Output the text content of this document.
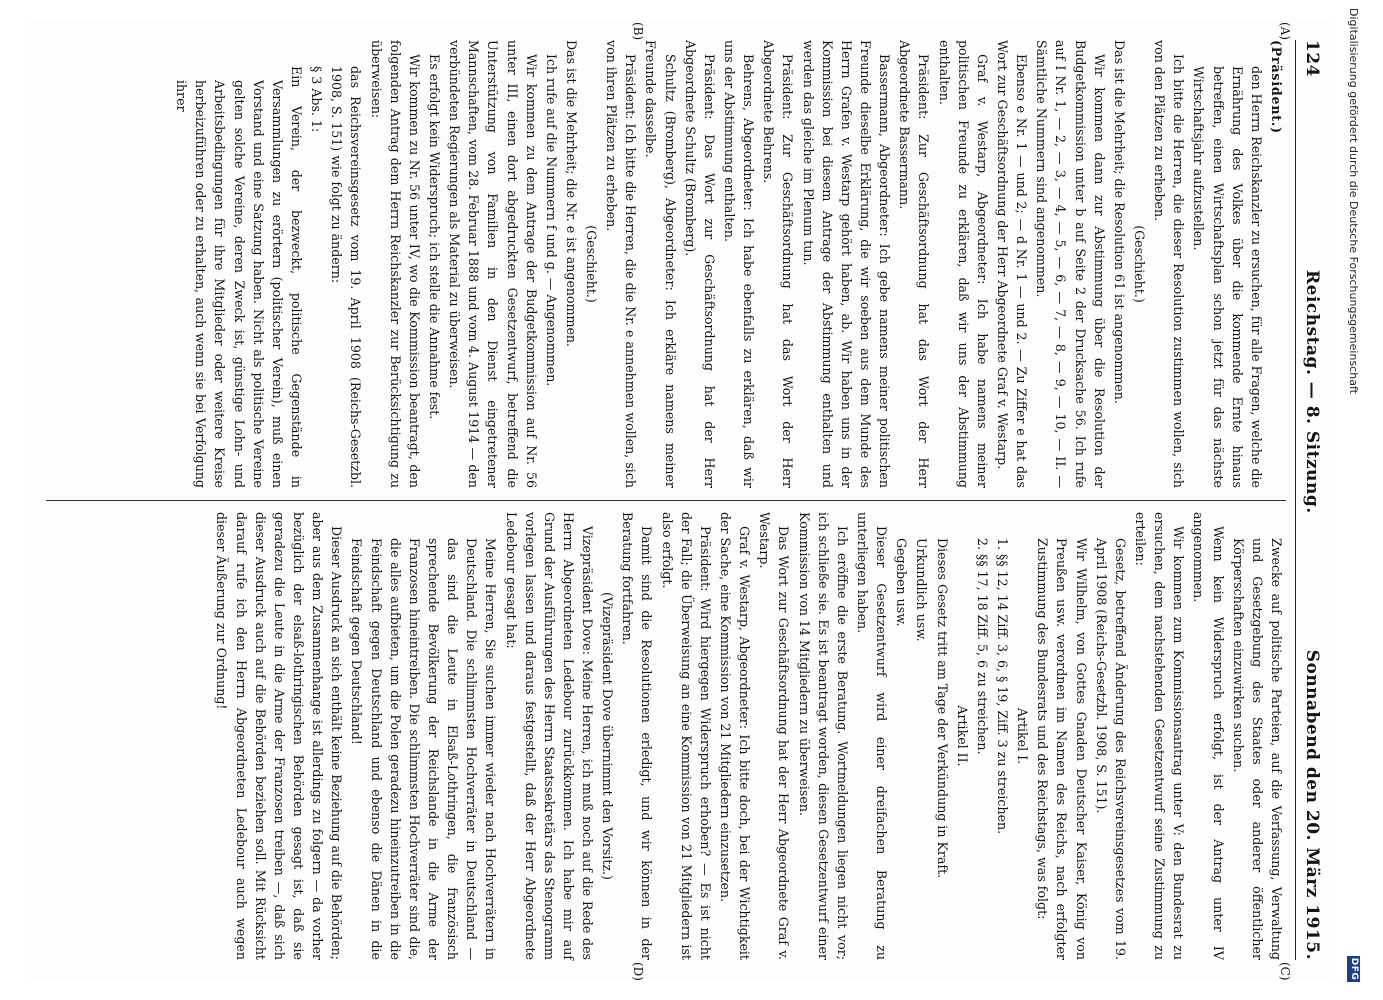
124
Reichstag. — 8. Sitzung.
Sonnabend den 20. März 1915.
(A)
(B)
(C)
(D)

(Präsident.)

den Herrn Reichskanzler zu ersuchen, für alle Fragen, welche die Ernährung des Volkes über die kommende Ernte hinaus betreffen, einen Wirtschaftsplan schon jetzt für das nächste Wirtschaftsjahr aufzustellen.

Ich bitte die Herren, die dieser Resolution zustimmen wollen, sich von den Plätzen zu erheben.

(Geschieht.)

Das ist die Mehrheit; die Resolution 61 ist angenommen.

Wir kommen dann zur Abstimmung über die Resolution der Budgetkommission unter b auf Seite 2 der Drucksache 56. Ich rufe auf I Nr. 1, — 2, — 3, — 4, — 5, — 6, — 7, — 8, — 9, — 10, — II. — Sämtliche Nummern sind angenommen.

Ebenso e Nr. 1 — und 2; — d Nr. 1 — und 2. — Zu Ziffer e hat das Wort zur Geschäftsordnung der Herr Abgeordnete Graf v. Westarp.

Graf v. Westarp, Abgeordneter: Ich habe namens meiner politischen Freunde zu erklären, daß wir uns der Abstimmung enthalten.

Präsident: Zur Geschäftsordnung hat das Wort der Herr Abgeordnete Bassermann.

Bassermann, Abgeordneter: Ich gebe namens meiner politischen Freunde dieselbe Erklärung, die wir soeben aus dem Munde des Herrn Grafen v. Westarp gehört haben, ab. Wir haben uns in der Kommission bei diesem Antrage der Abstimmung enthalten und werden das gleiche im Plenum tun.

Präsident: Zur Geschäftsordnung hat das Wort der Herr Abgeordnete Behrens.

Behrens, Abgeordneter: Ich habe ebenfalls zu erklären, daß wir uns der Abstimmung enthalten.

Präsident: Das Wort zur Geschäftsordnung hat der Herr Abgeordnete Schultz (Bromberg).

Schultz (Bromberg), Abgeordneter: Ich erkläre namens meiner Freunde dasselbe.

Präsident: Ich bitte die Herren, die die Nr. e annehmen wollen, sich von ihren Plätzen zu erheben.

(Geschieht.)

Das ist die Mehrheit; die Nr. e ist angenommen.

Ich rufe auf die Nummern f und g. — Angenommen.

Wir kommen zu dem Antrage der Budgetkommission auf Nr. 56 unter III, einen dort abgedruckten Gesetzentwurf, betreffend die Unterstützung von Familien in den Dienst eingetretener Mannschaften, vom 28. Februar 1888 und vom 4. August 1914 — den verbündeten Regierungen als Material zu überweisen.

Es erfolgt kein Widerspruch; ich stelle die Annahme fest.

Wir kommen zu Nr. 56 unter IV, wo die Kommission beantragt, den folgenden Antrag dem Herrn Reichskanzler zur Berücksichtigung zu überweisen:

das Reichsvereinsgesetz vom 19. April 1908 (Reichs-Gesetzbl. 1908, S. 151) wie folgt zu ändern:

§ 3 Abs. 1:

Ein Verein, der bezweckt, politische Gegenstände in Versammlungen zu erörtern (politischer Verein), muß einen Vorstand und eine Satzung haben. Nicht als politische Vereine gelten solche Vereine, deren Zweck ist, günstige Lohn- und Arbeitsbedingungen für ihre Mitglieder oder weitere Kreise herbeizuführen oder zu erhalten, auch wenn sie bei Verfolgung ihrer

Zwecke auf politische Parteien, auf die Verfassung, Verwaltung und Gesetzgebung des Staates oder anderer öffentlicher Körperschaften einzuwirken suchen.

Wenn kein Widerspruch erfolgt, ist der Antrag unter IV angenommen.

Wir kommen zum Kommissionsantrag unter V: den Bundesrat zu ersuchen, dem nachstehenden Gesetzentwurf seine Zustimmung zu erteilen:

Gesetz, betreffend Änderung des Reichsvereinsgesetzes vom 19. April 1908 (Reichs-Gesetzbl. 1908, S. 151).

Wir Wilhelm, von Gottes Gnaden Deutscher Kaiser, König von Preußen usw. verordnen im Namen des Reichs, nach erfolgter Zustimmung des Bundesrats und des Reichstags, was folgt:

Artikel I.

1. §§ 12, 14 Ziff. 3, 6, § 19, Ziff. 3 zu streichen.

2. §§ 17, 18 Ziff. 5, 6 zu streichen.

Artikel II.

Dieses Gesetz tritt am Tage der Verkündung in Kraft.

Urkundlich usw.

Gegeben usw.

Dieser Gesetzentwurf wird einer dreifachen Beratung zu unterliegen haben.

Ich eröffne die erste Beratung. Wortmeldungen liegen nicht vor; ich schließe sie. Es ist beantragt worden, diesen Gesetzentwurf einer Kommission von 14 Mitgliedern zu überweisen.

Das Wort zur Geschäftsordnung hat der Herr Abgeordnete Graf v. Westarp.

Graf v. Westarp, Abgeordneter: Ich bitte doch, bei der Wichtigkeit der Sache, eine Kommission von 21 Mitgliedern einzusetzen.

Präsident: Wird hiergegen Widerspruch erhoben? — Es ist nicht der Fall; die Überweisung an eine Kommission von 21 Mitgliedern ist also erfolgt.

Damit sind die Resolutionen erledigt, und wir können in der Beratung fortfahren.

(Vizepräsident Dove übernimmt den Vorsitz.)

Vizepräsident Dove: Meine Herren, ich muß noch auf die Rede des Herrn Abgeordneten Ledebour zurückkommen. Ich habe mir auf Grund der Ausführungen des Herrn Staatssekretärs das Stenogramm vorlegen lassen und daraus festgestellt, daß der Herr Abgeordnete Ledebour gesagt hat:

Meine Herren, Sie suchen immer wieder nach Hochverrätern in Deutschland. Die schlimmsten Hochverräter in Deutschland — das sind die Leute in Elsaß-Lothringen, die französisch sprechende Bevölkerung der Reichslande in die Arme der Franzosen hineintreiben. Die schlimmsten Hochverräter sind die, die alles aufbieten, um die Polen geradezu hineinzutreiben in die Feindschaft gegen Deutschland und ebenso die Dänen in die Feindschaft gegen Deutschland!

Dieser Ausdruck an sich enthält keine Beziehung auf die Behörden; aber aus dem Zusammenhange ist allerdings zu folgern — da vorher bezüglich der elsaß-lothringischen Behörden gesagt ist, daß sie geradezu die Leute in die Arme der Franzosen treiben —, daß sich dieser Ausdruck auch auf die Behörden beziehen soll. Mit Rücksicht darauf rufe ich den Herrn Abgeordneten Ledebour auch wegen dieser Äußerung zur Ordnung!

Digitalisierung gefördert durch die Deutsche Forschungsgemeinschaft
DFG
